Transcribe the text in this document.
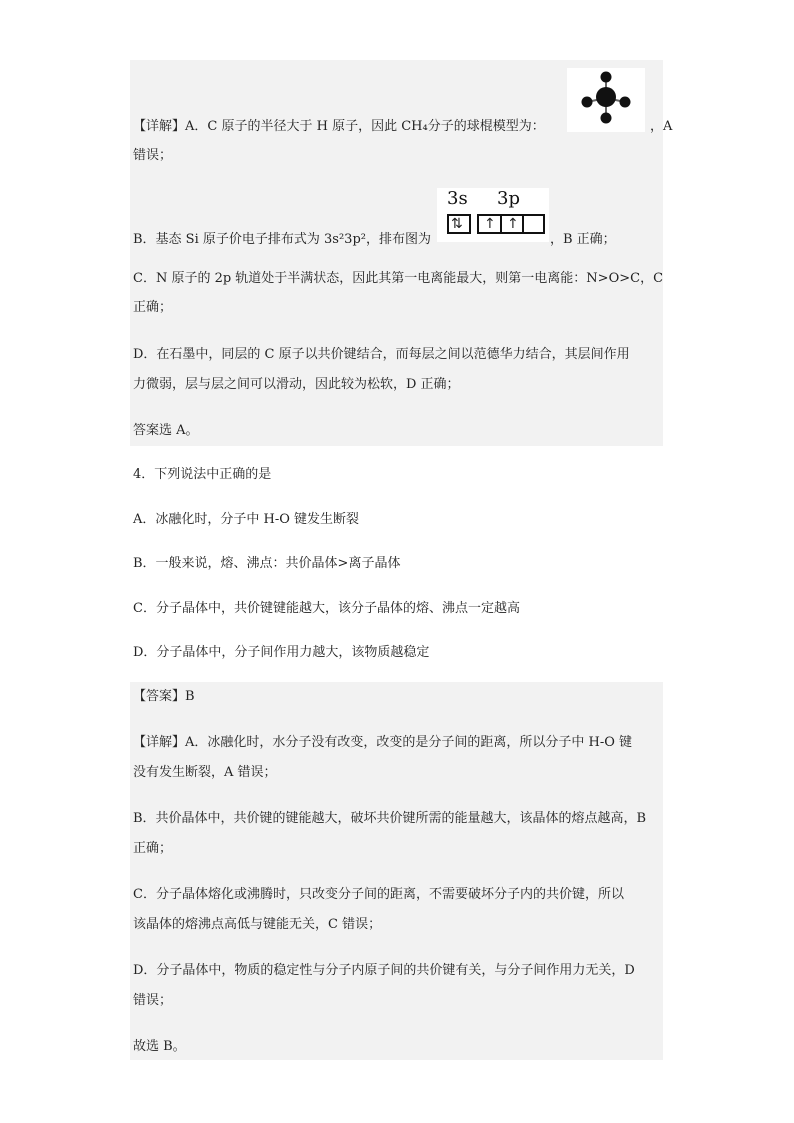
3s 3p
⇅ ↑ ↑
【详解】A．C 原子的半径大于 H 原子，因此 CH₄分子的球棍模型为：	，A
错误；
B．基态 Si 原子价电子排布式为 3s²3p²，排布图为	，B 正确；
C．N 原子的 2p 轨道处于半满状态，因此其第一电离能最大，则第一电离能：N>O>C，C
正确；
D．在石墨中，同层的 C 原子以共价键结合，而每层之间以范德华力结合，其层间作用
力微弱，层与层之间可以滑动，因此较为松软，D 正确；
答案选 A。
4．下列说法中正确的是
A．冰融化时，分子中 H-O 键发生断裂
B．一般来说，熔、沸点：共价晶体>离子晶体
C．分子晶体中，共价键键能越大，该分子晶体的熔、沸点一定越高
D．分子晶体中，分子间作用力越大，该物质越稳定
【答案】B
【详解】A．冰融化时，水分子没有改变，改变的是分子间的距离，所以分子中 H-O 键
没有发生断裂，A 错误；
B．共价晶体中，共价键的键能越大，破坏共价键所需的能量越大，该晶体的熔点越高，B
正确；
C．分子晶体熔化或沸腾时，只改变分子间的距离，不需要破坏分子内的共价键，所以
该晶体的熔沸点高低与键能无关，C 错误；
D．分子晶体中，物质的稳定性与分子内原子间的共价键有关，与分子间作用力无关，D
错误；
故选 B。
